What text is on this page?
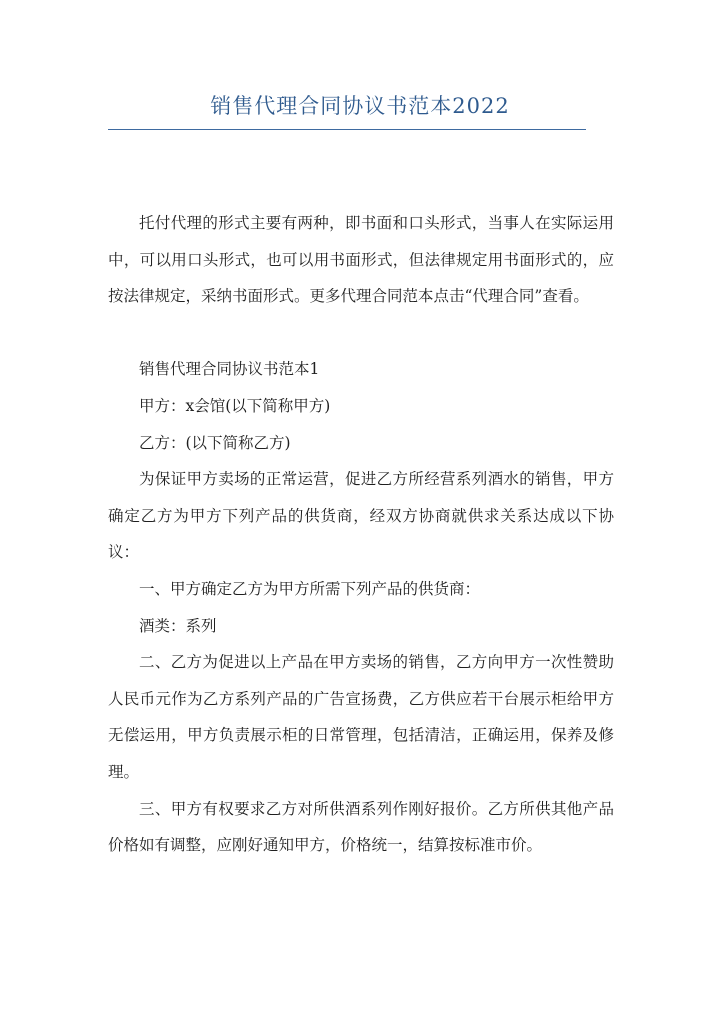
销售代理合同协议书范本2022

托付代理的形式主要有两种，即书面和口头形式，当事人在实际运用中，可以用口头形式，也可以用书面形式，但法律规定用书面形式的，应按法律规定，采纳书面形式。更多代理合同范本点击“代理合同”查看。

销售代理合同协议书范本1

甲方：x会馆(以下简称甲方)

乙方：(以下简称乙方)

为保证甲方卖场的正常运营，促进乙方所经营系列酒水的销售，甲方确定乙方为甲方下列产品的供货商，经双方协商就供求关系达成以下协议：

一、甲方确定乙方为甲方所需下列产品的供货商：

酒类：系列

二、乙方为促进以上产品在甲方卖场的销售，乙方向甲方一次性赞助人民币元作为乙方系列产品的广告宣扬费，乙方供应若干台展示柜给甲方无偿运用，甲方负责展示柜的日常管理，包括清洁，正确运用，保养及修理。

三、甲方有权要求乙方对所供酒系列作刚好报价。乙方所供其他产品价格如有调整，应刚好通知甲方，价格统一，结算按标准市价。
